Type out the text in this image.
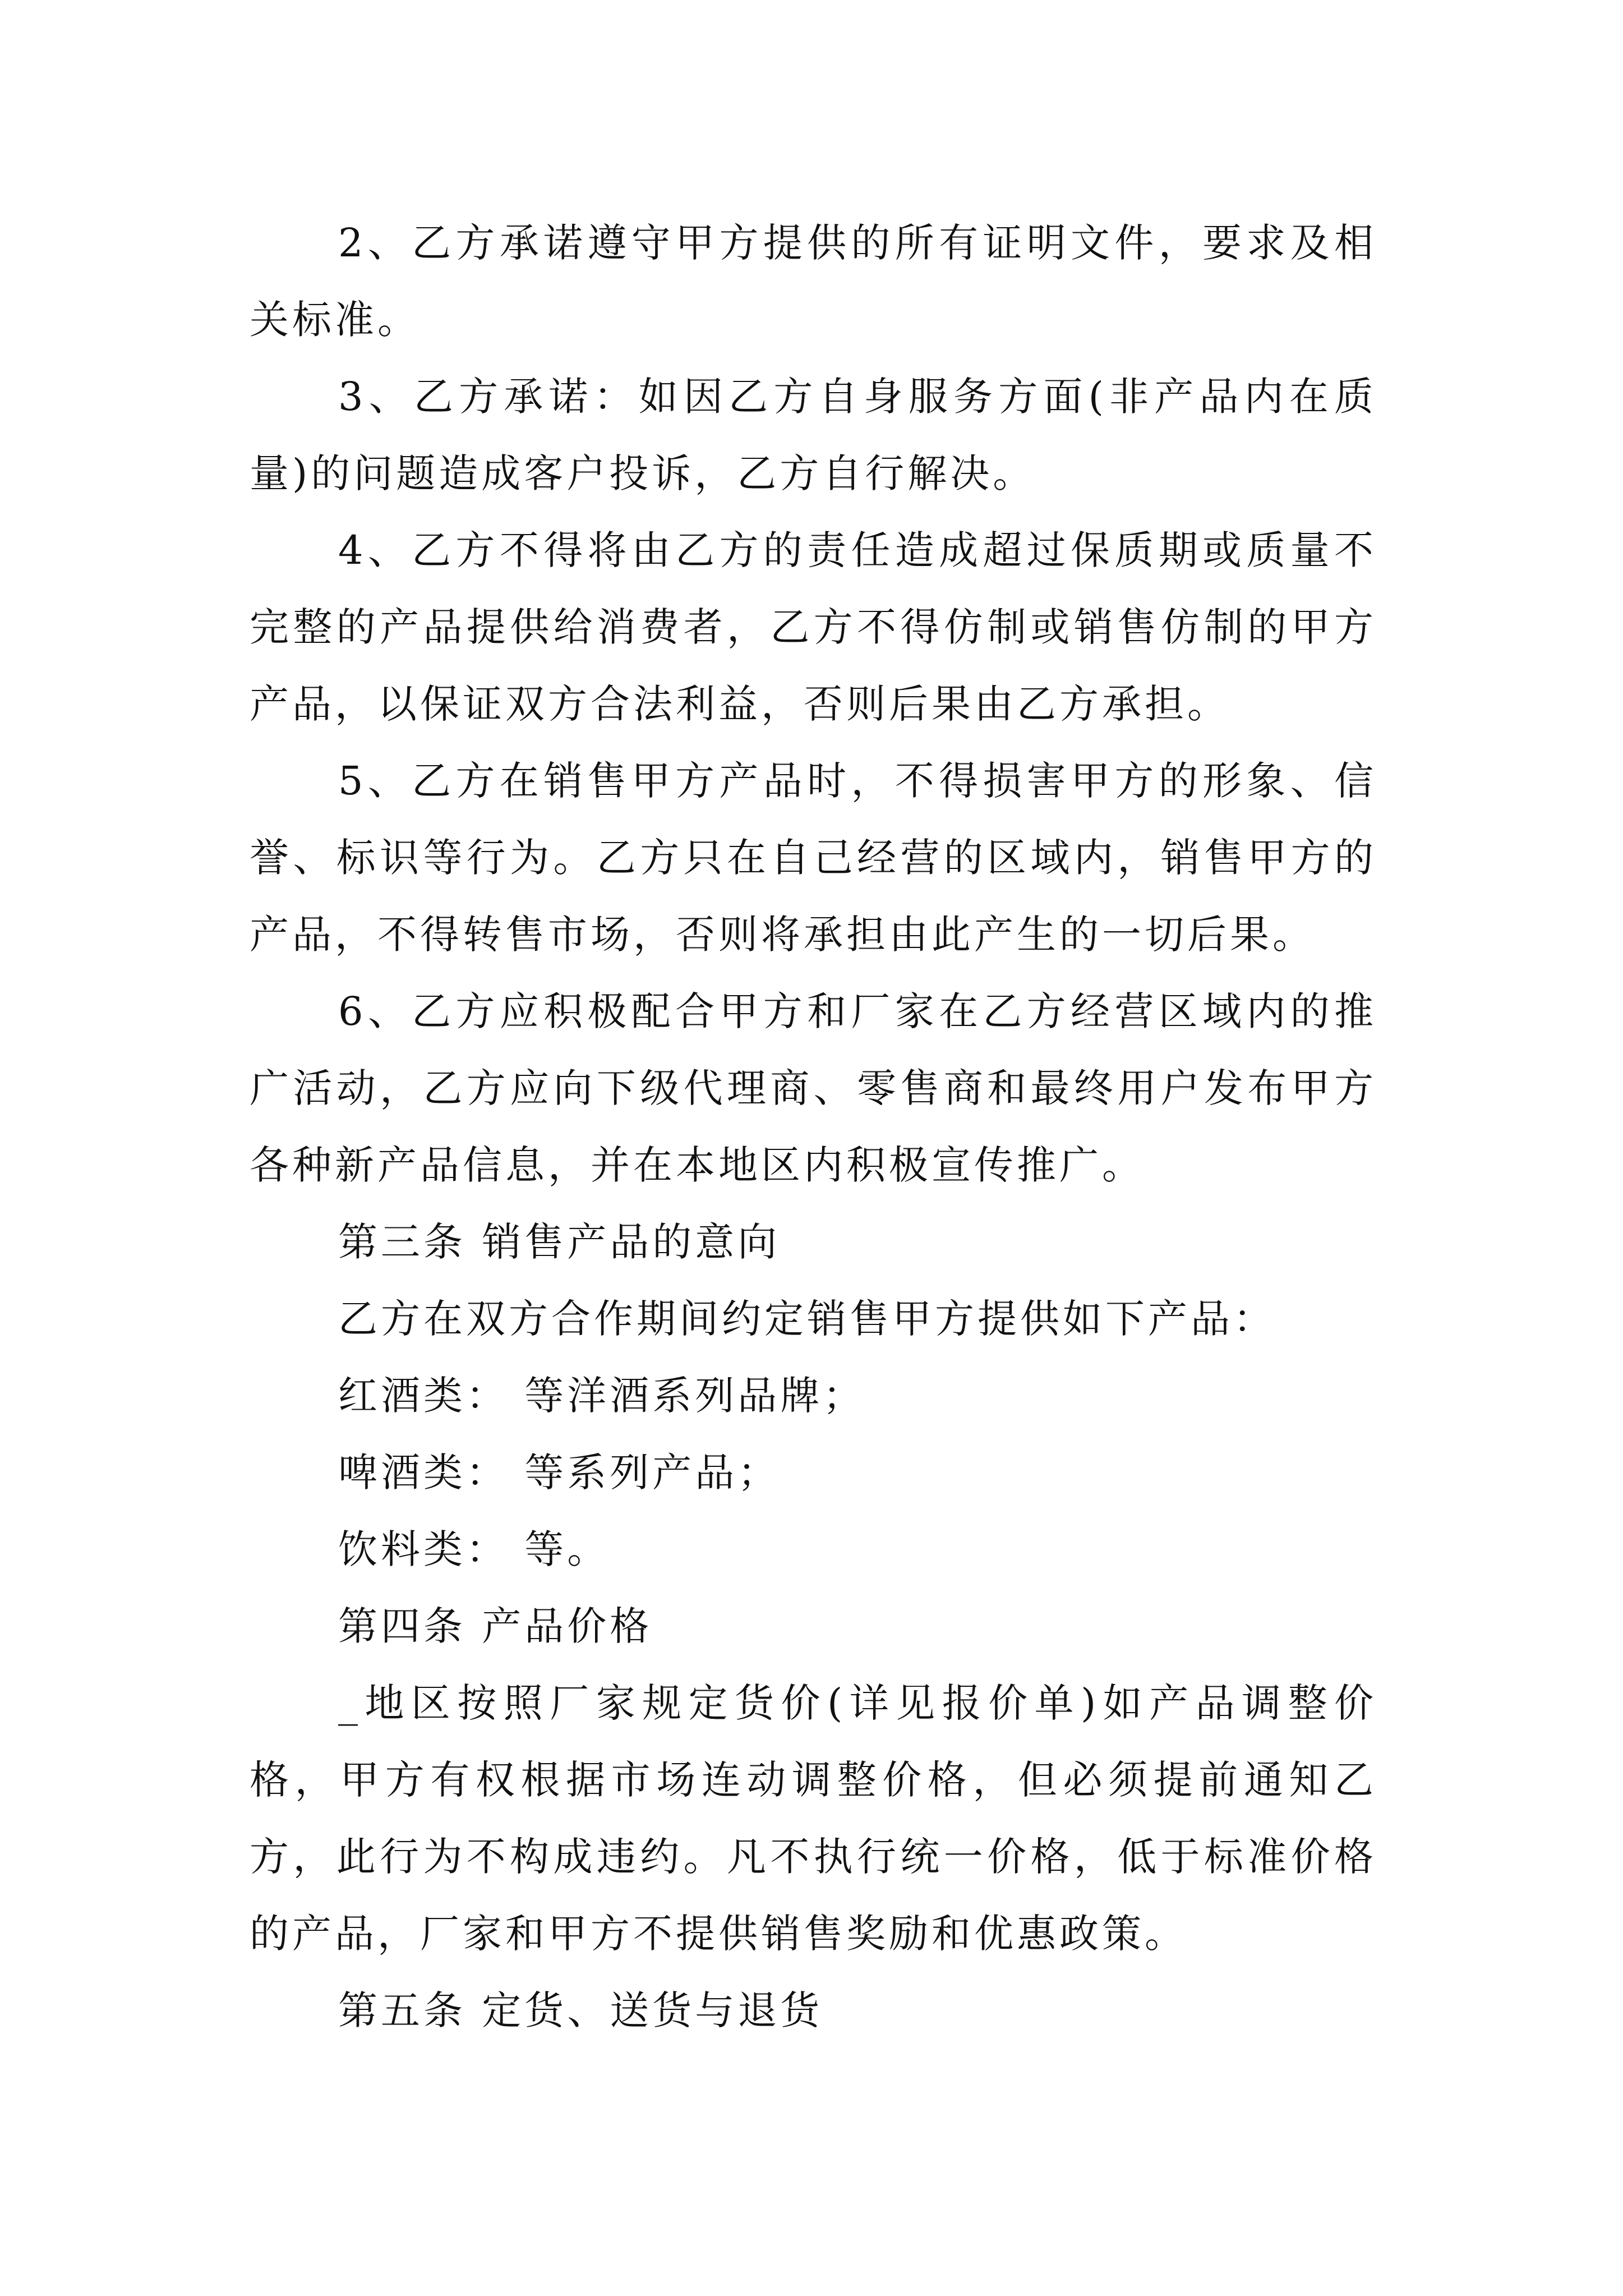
2、乙方承诺遵守甲方提供的所有证明文件，要求及相关标准。

3、乙方承诺：如因乙方自身服务方面(非产品内在质量)的问题造成客户投诉，乙方自行解决。

4、乙方不得将由乙方的责任造成超过保质期或质量不完整的产品提供给消费者，乙方不得仿制或销售仿制的甲方产品，以保证双方合法利益，否则后果由乙方承担。

5、乙方在销售甲方产品时，不得损害甲方的形象、信誉、标识等行为。乙方只在自己经营的区域内，销售甲方的产品，不得转售市场，否则将承担由此产生的一切后果。

6、乙方应积极配合甲方和厂家在乙方经营区域内的推广活动，乙方应向下级代理商、零售商和最终用户发布甲方各种新产品信息，并在本地区内积极宣传推广。

第三条 销售产品的意向

乙方在双方合作期间约定销售甲方提供如下产品：

红酒类： 等洋酒系列品牌；

啤酒类： 等系列产品；

饮料类： 等。

第四条 产品价格

_地区按照厂家规定货价(详见报价单)如产品调整价格，甲方有权根据市场连动调整价格，但必须提前通知乙方，此行为不构成违约。凡不执行统一价格，低于标准价格的产品，厂家和甲方不提供销售奖励和优惠政策。

第五条 定货、送货与退货
